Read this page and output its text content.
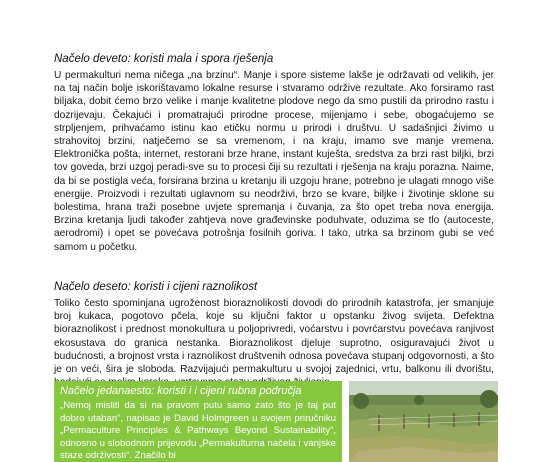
Načelo deveto: koristi mala i spora rješenja

U permakulturi nema ničega „na brzinu“. Manje i spore sisteme lakše je održavati od velikih, jer na taj način bolje iskorištavamo lokalne resurse i stvaramo održive rezultate. Ako forsiramo rast biljaka, dobit ćemo brzo velike i manje kvalitetne plodove nego da smo pustili da prirodno rastu i dozrijevaju. Čekajući i promatrajući prirodne procese, mijenjamo i sebe, obogaćujemo se strpljenjem, prihvaćamo istinu kao etičku normu u prirodi i društvu. U sadašnjici živimo u strahovitoj brzini, natječemo se sa vremenom, i na kraju, imamo sve manje vremena. Elektronička pošta, internet, restorani brze hrane, instant kuješta, sredstva za brzi rast biljki, brzi tov goveda, brzi uzgoj peradi-sve su to procesi čiji su rezultati i rješenja na kraju porazna. Naime, da bi se postigla veća, forsirana brzina u kretanju ili uzgoju hrane, potrebno je ulagati mnogo više energije. Proizvodi i rezultati uglavnom su neodrživi, brzo se kvare, biljke i životinje sklone su bolestima, hrana traži posebne uvjete spremanja i čuvanja, za što opet treba nova energija. Brzina kretanja ljudi također zahtjeva nove građevinske poduhvate, oduzima se tlo (autoceste, aerodromi) i opet se povećava potrošnja fosilnih goriva. I tako, utrka sa brzinom gubi se već samom u početku.

Načelo deseto: koristi i cijeni raznolikost

Toliko često spominjana ugroženost bioraznolikosti dovodi do prirodnih katastrofa, jer smanjuje broj kukaca, pogotovo pčela, koje su ključni faktor u opstanku živog svijeta. Defektna bioraznolikost i prednost monokultura u poljoprivredi, voćarstvu i povrćarstvu povećava ranjivost ekosustava do granica nestanka. Bioraznolikost djeluje suprotno, osiguravajući život u budućnosti, a brojnost vrsta i raznolikost društvenih odnosa povećava stupanj odgovornosti, a što je on veći, šira je sloboda. Razvijajući permakulturu u svojoj zajednici, vrtu, balkonu ili dvorištu,

Načelo jedanaesto: koristi i i cijeni rubna područja

„Nemoj misliti da si na pravom putu samo zato što je taj put dobro utaban“, napisao je David Holmgreen u svojem priručniku „Permaculture Principles & Pathways Beyond Sustainability“, odnosno u slobodnom prijevodu „Permakulturna načela i vanjske staze održivosti“. Značilo bi
